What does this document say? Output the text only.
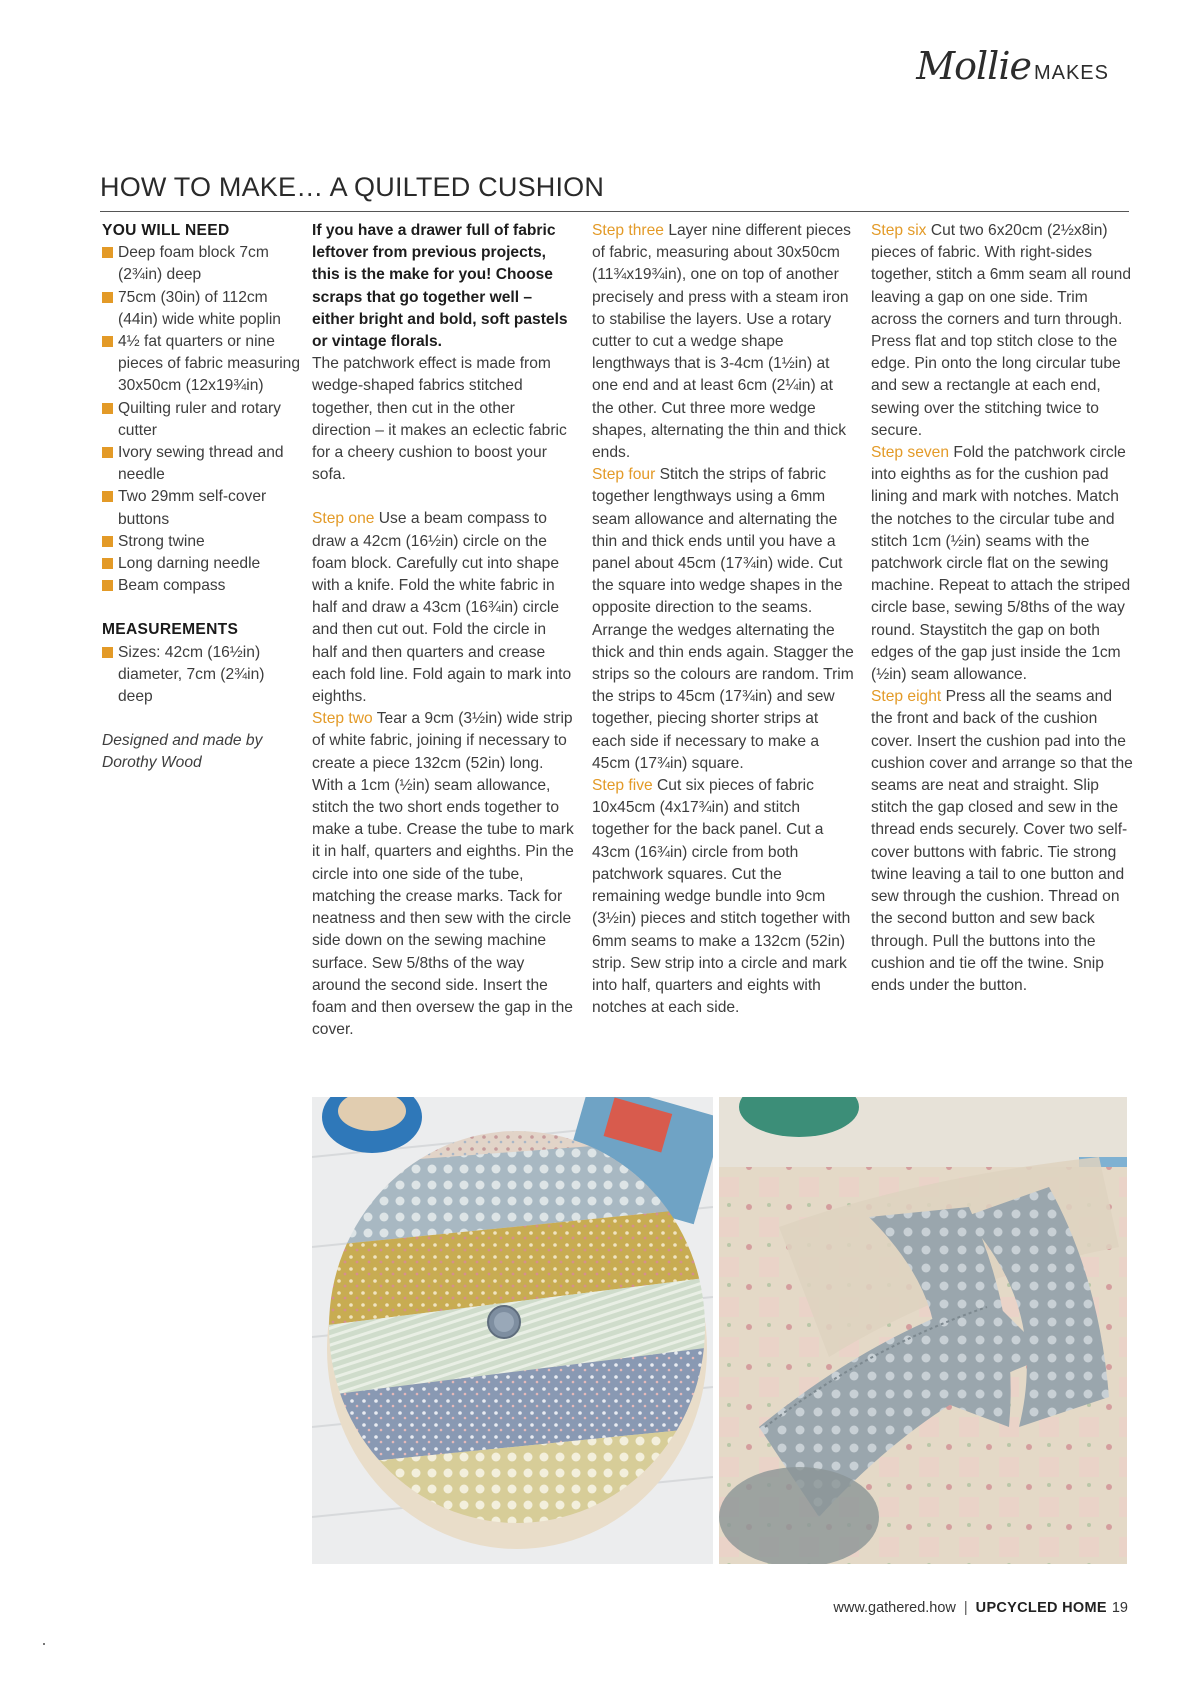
Mollie MAKES
HOW TO MAKE… A QUILTED CUSHION

YOU WILL NEED

Deep foam block 7cm (2¾in) deep
75cm (30in) of 112cm (44in) wide white poplin
4½ fat quarters or nine pieces of fabric measuring 30x50cm (12x19¾in)
Quilting ruler and rotary cutter
Ivory sewing thread and needle
Two 29mm self-cover buttons
Strong twine
Long darning needle
Beam compass

MEASUREMENTS

Sizes: 42cm (16½in) diameter, 7cm (2¾in) deep

Designed and made by Dorothy Wood

If you have a drawer full of fabric leftover from previous projects, this is the make for you! Choose scraps that go together well – either bright and bold, soft pastels or vintage florals.

The patchwork effect is made from wedge-shaped fabrics stitched together, then cut in the other direction – it makes an eclectic fabric for a cheery cushion to boost your sofa.

Step one Use a beam compass to draw a 42cm (16½in) circle on the foam block. Carefully cut into shape with a knife. Fold the white fabric in half and draw a 43cm (16¾in) circle and then cut out. Fold the circle in half and then quarters and crease each fold line. Fold again to mark into eighths.

Step two Tear a 9cm (3½in) wide strip of white fabric, joining if necessary to create a piece 132cm (52in) long. With a 1cm (½in) seam allowance, stitch the two short ends together to make a tube. Crease the tube to mark it in half, quarters and eighths. Pin the circle into one side of the tube, matching the crease marks. Tack for neatness and then sew with the circle side down on the sewing machine surface. Sew 5/8ths of the way around the second side. Insert the foam and then oversew the gap in the cover.

Step three Layer nine different pieces of fabric, measuring about 30x50cm (11¾x19¾in), one on top of another precisely and press with a steam iron to stabilise the layers. Use a rotary cutter to cut a wedge shape lengthways that is 3-4cm (1½in) at one end and at least 6cm (2¼in) at the other. Cut three more wedge shapes, alternating the thin and thick ends.

Step four Stitch the strips of fabric together lengthways using a 6mm seam allowance and alternating the thin and thick ends until you have a panel about 45cm (17¾in) wide. Cut the square into wedge shapes in the opposite direction to the seams. Arrange the wedges alternating the thick and thin ends again. Stagger the strips so the colours are random. Trim the strips to 45cm (17¾in) and sew together, piecing shorter strips at each side if necessary to make a 45cm (17¾in) square.

Step five Cut six pieces of fabric 10x45cm (4x17¾in) and stitch together for the back panel. Cut a 43cm (16¾in) circle from both patchwork squares. Cut the remaining wedge bundle into 9cm (3½in) pieces and stitch together with 6mm seams to make a 132cm (52in) strip. Sew strip into a circle and mark into half, quarters and eights with notches at each side.

Step six Cut two 6x20cm (2½x8in) pieces of fabric. With right-sides together, stitch a 6mm seam all round leaving a gap on one side. Trim across the corners and turn through. Press flat and top stitch close to the edge. Pin onto the long circular tube and sew a rectangle at each end, sewing over the stitching twice to secure.

Step seven Fold the patchwork circle into eighths as for the cushion pad lining and mark with notches. Match the notches to the circular tube and stitch 1cm (½in) seams with the patchwork circle flat on the sewing machine. Repeat to attach the striped circle base, sewing 5/8ths of the way round. Staystitch the gap on both edges of the gap just inside the 1cm (½in) seam allowance.

Step eight Press all the seams and the front and back of the cushion cover. Insert the cushion pad into the cushion cover and arrange so that the seams are neat and straight. Slip stitch the gap closed and sew in the thread ends securely. Cover two self-cover buttons with fabric. Tie strong twine leaving a tail to one button and sew through the cushion. Thread on the second button and sew back through. Pull the buttons into the cushion and tie off the twine. Snip ends under the button.

www.gathered.how | UPCYCLED HOME 19
